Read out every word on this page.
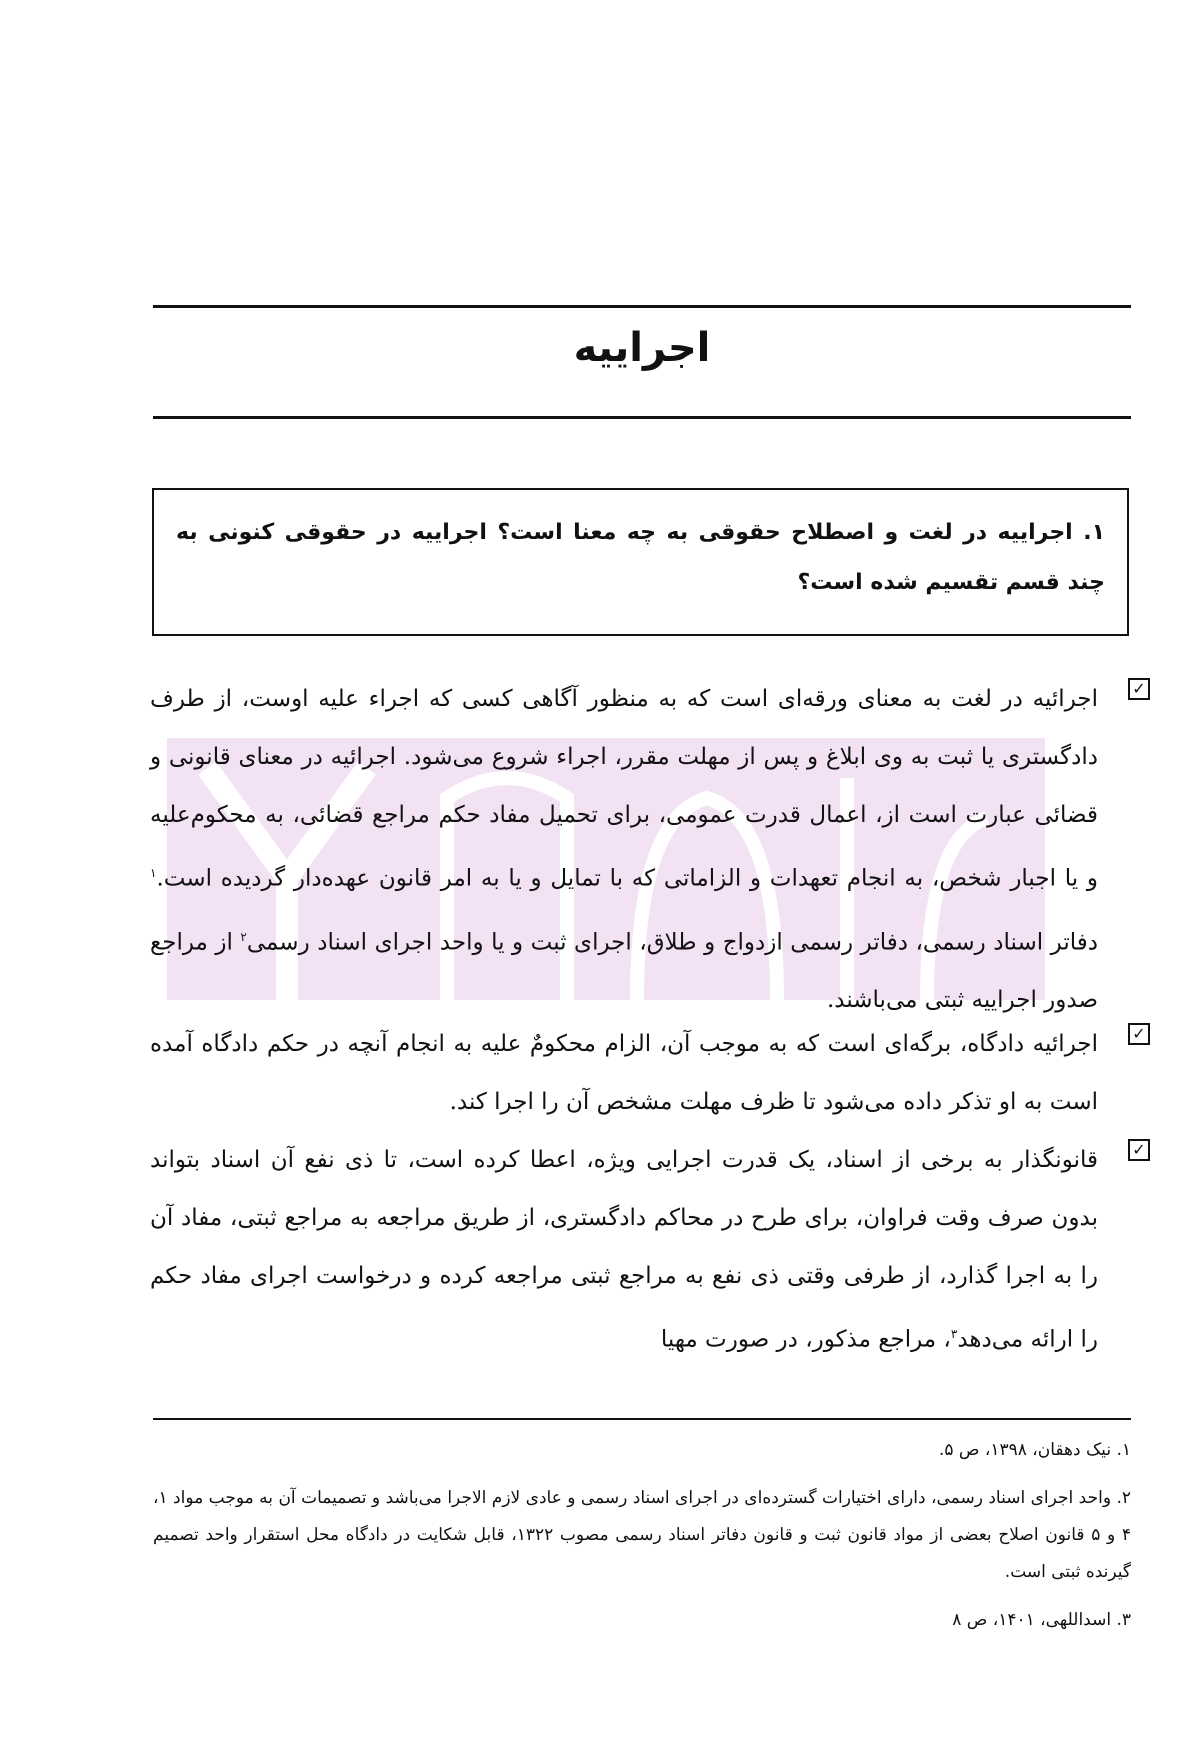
اجراییه
۱. اجراییه در لغت و اصطلاح حقوقی به چه معنا است؟ اجراییه در حقوقی کنونی به چند قسم تقسیم شده است؟
✓
اجرائیه در لغت به معنای ورقه‌ای است که به منظور آگاهی کسی که اجراء علیه اوست، از طرف دادگستری یا ثبت به وی ابلاغ و پس از مهلت مقرر، اجراء شروع می‌شود. اجرائیه در معنای قانونی و قضائی عبارت است از، اعمال قدرت عمومی، برای تحمیل مفاد حکم مراجع قضائی، به محکوم‌علیه و یا اجبار شخص، به انجام تعهدات و الزاماتی که با تمایل و یا به امر قانون عهده‌دار گردیده است.$^۱$ دفاتر اسناد رسمی، دفاتر رسمی ازدواج و طلاق، اجرای ثبت و یا واحد اجرای اسناد رسمی$^۲$ از مراجع صدور اجراییه ثبتی می‌باشند.
✓
اجرائیه دادگاه، برگه‌ای است که به موجب آن، الزام محکومٌ علیه به انجام آنچه در حکم دادگاه آمده است به او تذکر داده می‌شود تا ظرف مهلت مشخص آن را اجرا کند.
✓
قانونگذار به برخی از اسناد، یک قدرت اجرایی ویژه، اعطا کرده است، تا ذی نفع آن اسناد بتواند بدون صرف وقت فراوان، برای طرح در محاکم دادگستری، از طریق مراجعه به مراجع ثبتی، مفاد آن را به اجرا گذارد، از طرفی وقتی ذی نفع به مراجع ثبتی مراجعه کرده و درخواست اجرای مفاد حکم را ارائه می‌دهد$^۳$، مراجع مذکور، در صورت مهیا
۱. نیک دهقان، ۱۳۹۸، ص ۵.
۲. واحد اجرای اسناد رسمی، دارای اختیارات گسترده‌ای در اجرای اسناد رسمی و عادی لازم الاجرا می‌باشد و تصمیمات آن به موجب مواد ۱، ۴ و ۵ قانون اصلاح بعضی از مواد قانون ثبت و قانون دفاتر اسناد رسمی مصوب ۱۳۲۲، قابل شکایت در دادگاه محل استقرار واحد تصمیم گیرنده ثبتی است.
۳. اسداللهی، ۱۴۰۱، ص ۸
